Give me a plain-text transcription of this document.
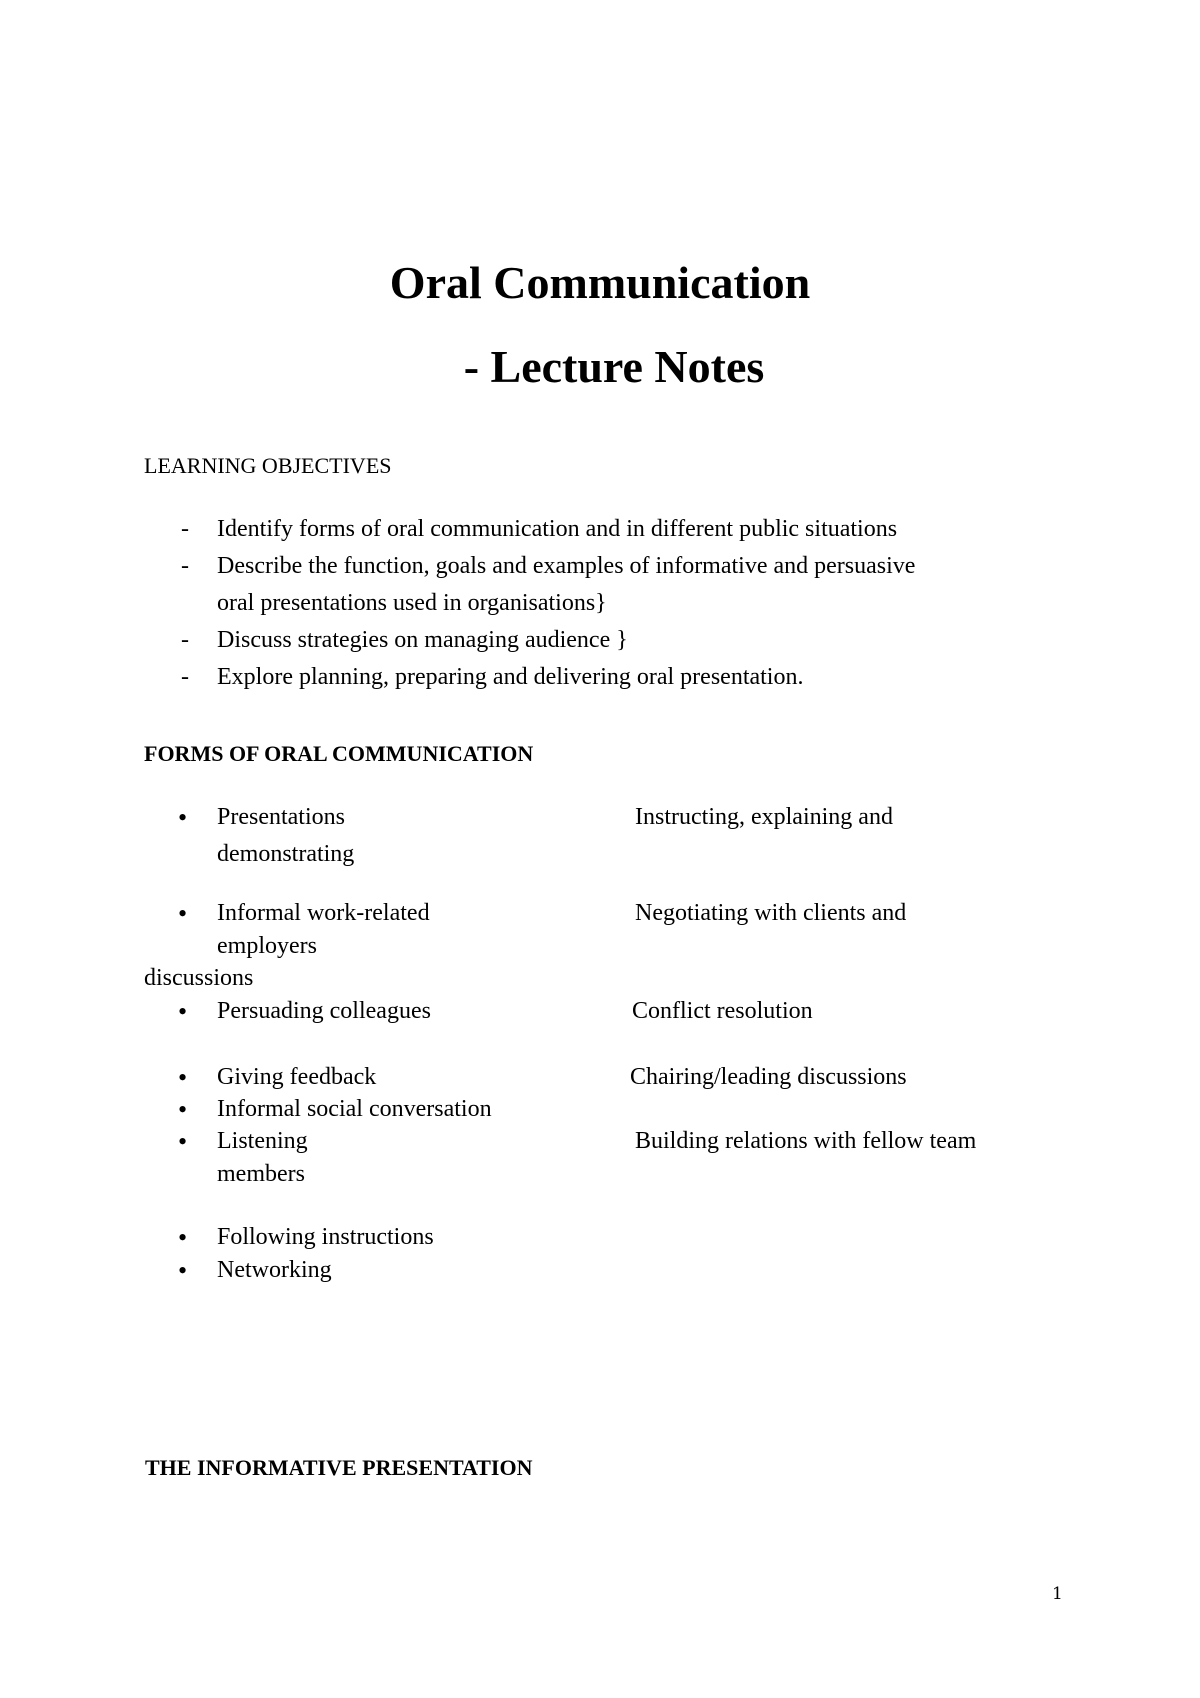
Oral Communication
- Lecture Notes
LEARNING OBJECTIVES
- Identify forms of oral communication and in different public situations
- Describe the function, goals and examples of informative and persuasive
oral presentations used in organisations}
- Discuss strategies on managing audience }
- Explore planning, preparing and delivering oral presentation.
FORMS OF ORAL COMMUNICATION
• Presentations	Instructing, explaining and
demonstrating
• Informal work-related	Negotiating with clients and
employers
discussions
• Persuading colleagues	Conflict resolution
• Giving feedback	Chairing/leading discussions
• Informal social conversation
• Listening	Building relations with fellow team
members
• Following instructions
• Networking
THE INFORMATIVE PRESENTATION
1
